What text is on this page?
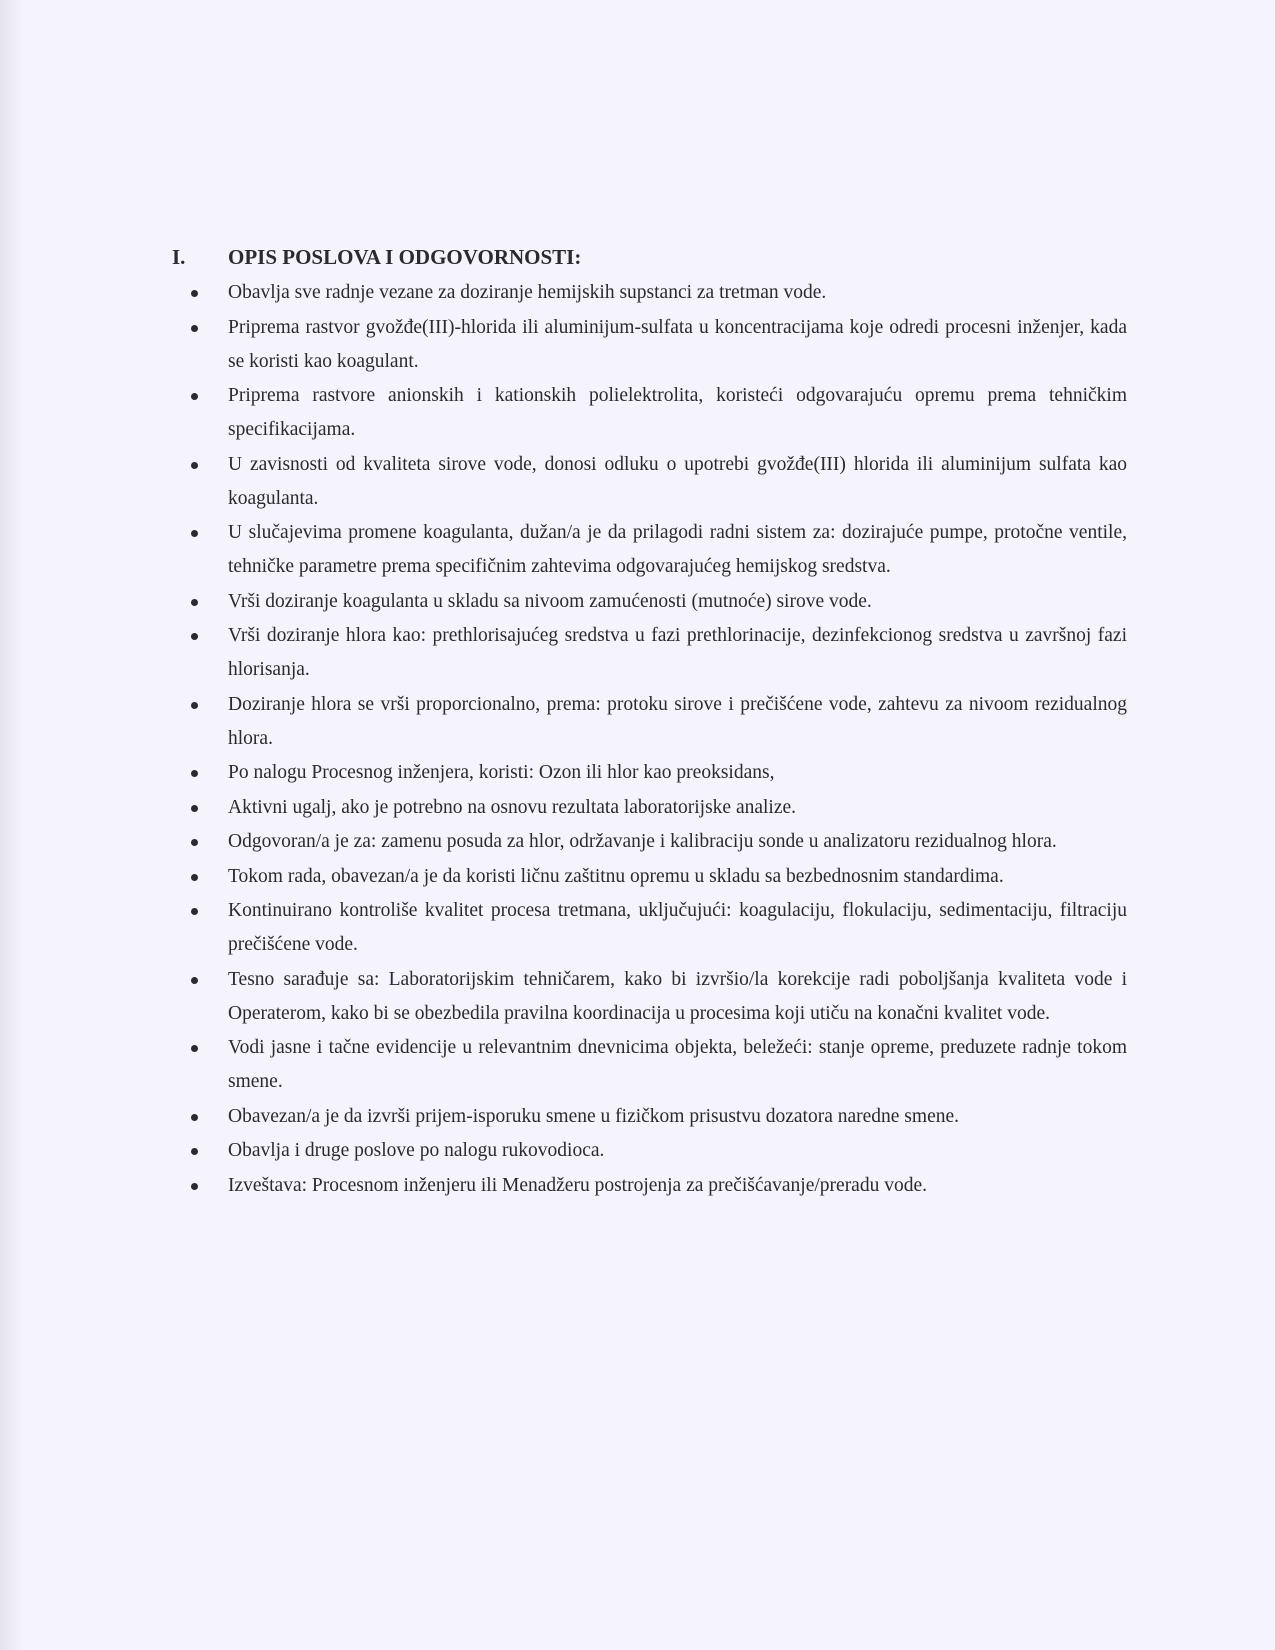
I.	OPIS POSLOVA I ODGOVORNOSTI:
Obavlja sve radnje vezane za doziranje hemijskih supstanci za tretman vode.
Priprema rastvor gvožđe(III)-hlorida ili aluminijum-sulfata u koncentracijama koje odredi procesni inženjer, kada se koristi kao koagulant.
Priprema rastvore anionskih i kationskih polielektrolita, koristeći odgovarajuću opremu prema tehničkim specifikacijama.
U zavisnosti od kvaliteta sirove vode, donosi odluku o upotrebi gvožđe(III) hlorida ili aluminijum sulfata kao koagulanta.
U slučajevima promene koagulanta, dužan/a je da prilagodi radni sistem za: dozirajuće pumpe, protočne ventile, tehničke parametre prema specifičnim zahtevima odgovarajućeg hemijskog sredstva.
Vrši doziranje koagulanta u skladu sa nivoom zamućenosti (mutnoće) sirove vode.
Vrši doziranje hlora kao: prethlorisajućeg sredstva u fazi prethlorinacije, dezinfekcionog sredstva u završnoj fazi hlorisanja.
Doziranje hlora se vrši proporcionalno, prema: protoku sirove i prečišćene vode, zahtevu za nivoom rezidualnog hlora.
Po nalogu Procesnog inženjera, koristi: Ozon ili hlor kao preoksidans,
Aktivni ugalj, ako je potrebno na osnovu rezultata laboratorijske analize.
Odgovoran/a je za: zamenu posuda za hlor, održavanje i kalibraciju sonde u analizatoru rezidualnog hlora.
Tokom rada, obavezan/a je da koristi ličnu zaštitnu opremu u skladu sa bezbednosnim standardima.
Kontinuirano kontroliše kvalitet procesa tretmana, uključujući: koagulaciju, flokulaciju, sedimentaciju, filtraciju prečišćene vode.
Tesno sarađuje sa: Laboratorijskim tehničarem, kako bi izvršio/la korekcije radi poboljšanja kvaliteta vode i Operaterom, kako bi se obezbedila pravilna koordinacija u procesima koji utiču na konačni kvalitet vode.
Vodi jasne i tačne evidencije u relevantnim dnevnicima objekta, beležeći: stanje opreme, preduzete radnje tokom smene.
Obavezan/a je da izvrši prijem-isporuku smene u fizičkom prisustvu dozatora naredne smene.
Obavlja i druge poslove po nalogu rukovodioca.
Izveštava: Procesnom inženjeru ili Menadžeru postrojenja za prečišćavanje/preradu vode.
